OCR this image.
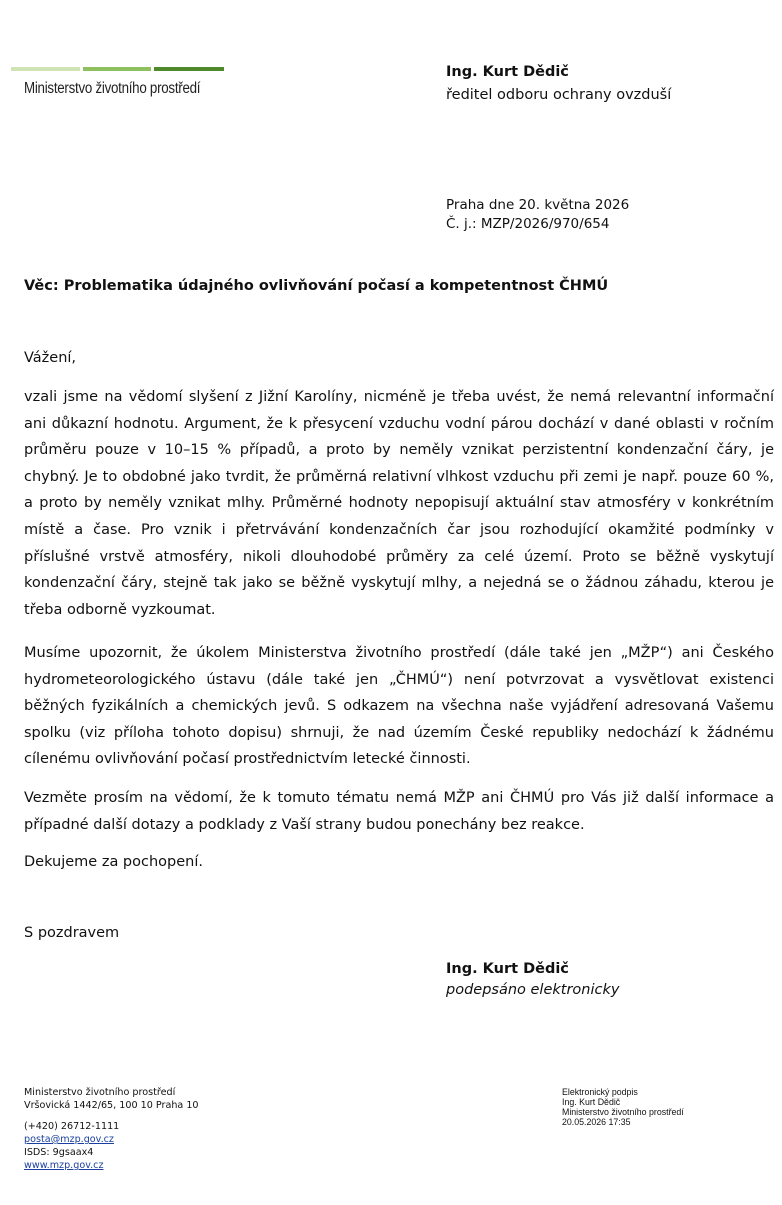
Ministerstvo životního prostředí
Ing. Kurt Dědič
ředitel odboru ochrany ovzduší
Praha dne 20. května 2026
Č. j.: MZP/2026/970/654
Věc: Problematika údajného ovlivňování počasí a kompetentnost ČHMÚ
Vážení,

vzali jsme na vědomí slyšení z Jižní Karolíny, nicméně je třeba uvést, že nemá relevantní informační ani důkazní hodnotu. Argument, že k přesycení vzduchu vodní párou dochází v dané oblasti v ročním průměru pouze v 10–15 % případů, a proto by neměly vznikat perzistentní kondenzační čáry, je chybný. Je to obdobné jako tvrdit, že průměrná relativní vlhkost vzduchu při zemi je např. pouze 60 %, a proto by neměly vznikat mlhy. Průměrné hodnoty nepopisují aktuální stav atmosféry v konkrétním místě a čase. Pro vznik i přetrvávání kondenzačních čar jsou rozhodující okamžité podmínky v příslušné vrstvě atmosféry, nikoli dlouhodobé průměry za celé území. Proto se běžně vyskytují kondenzační čáry, stejně tak jako se běžně vyskytují mlhy, a nejedná se o žádnou záhadu, kterou je třeba odborně vyzkoumat.

Musíme upozornit, že úkolem Ministerstva životního prostředí (dále také jen „MŽP“) ani Českého hydrometeorologického ústavu (dále také jen „ČHMÚ“) není potvrzovat a vysvětlovat existenci běžných fyzikálních a chemických jevů. S odkazem na všechna naše vyjádření adresovaná Vašemu spolku (viz příloha tohoto dopisu) shrnuji, že nad územím České republiky nedochází k žádnému cílenému ovlivňování počasí prostřednictvím letecké činnosti.

Vezměte prosím na vědomí, že k tomuto tématu nemá MŽP ani ČHMÚ pro Vás již další informace a případné další dotazy a podklady z Vaší strany budou ponechány bez reakce.

Dekujeme za pochopení.

S pozdravem
Ing. Kurt Dědič
podepsáno elektronicky
Ministerstvo životního prostředí
Vršovická 1442/65, 100 10 Praha 10
(+420) 26712-1111
posta@mzp.gov.cz
ISDS: 9gsaax4
www.mzp.gov.cz
Elektronický podpis
Ing. Kurt Dědič
Ministerstvo životního prostředí
20.05.2026 17:35
